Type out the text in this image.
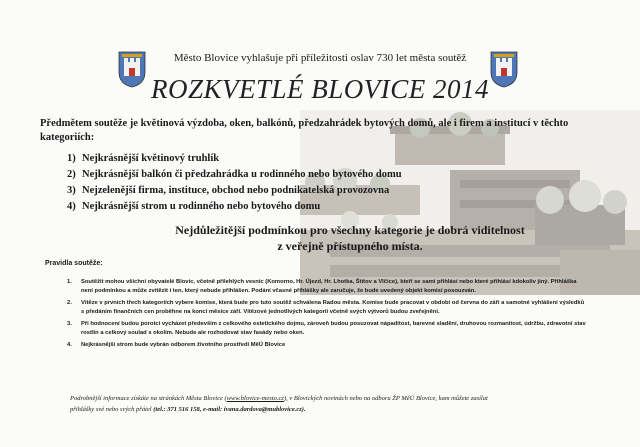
Město Blovice vyhlašuje při příležitosti oslav 730 let města soutěž
ROZKVETLÉ BLOVICE 2014
Předmětem soutěže je květinová výzdoba, oken, balkónů, předzahrádek bytových domů, ale i firem a institucí v těchto kategoriích:
1) Nejkrásnější květinový truhlík
2) Nejkrásnější balkón či předzahrádka u rodinného nebo bytového domu
3) Nejzelenější firma, instituce, obchod nebo podnikatelská provozovna
4) Nejkrásnější strom u rodinného nebo bytového domu
Nejdůležitější podmínkou pro všechny kategorie je dobrá viditelnost
z veřejně přístupného místa.
Pravidla soutěže:
1. Soutěžit mohou všichni obyvatelé Blovic, včetně přilehlých vesnic (Komorno, Hr. Újezd, Hr. Lhotka, Štítov a Vlčice), kteří se sami přihlásí nebo které přihlásí kdokoliv jiný. Přihláška není podmínkou a může zvítězit i ten, který nebude přihlášen. Podání včasné přihlášky ale zaručuje, že bude uvedený objekt komisí posouzván.
2. Vítěze v prvních třech kategoriích vybere komise, která bude pro tuto soutěž schválena Radou města. Komise bude pracovat v období od června do září a samotné vyhlášení výsledků s předáním finančních cen proběhne na konci měsíce září. Vítězové jednotlivých kategorií včetně svých výtvorů budou zveřejněni.
3. Při hodnocení budou porotci vycházet především z celkového estetického dojmu, zároveň budou posuzovat nápaditost, barevné sladění, druhovou rozmanitost, údržbu, zdravotní stav rostlin a celkový soulad s okolím. Nebude ale rozhodovat stav fasády nebo oken.
4. Nejkrásnější strom bude vybrán odborem životního prostředí MěÚ Blovice
Podrobnější informace získáte na stránkách Města Blovice (www.blovice-mesto.cz), v Blovických novinách nebo na odboru ŽP MěÚ Blovice, kam můžete zasílat
přihlášky své nebo svých přátel (tel.: 371 516 158, e-mail: ivana.dardova@mublovice.cz).
